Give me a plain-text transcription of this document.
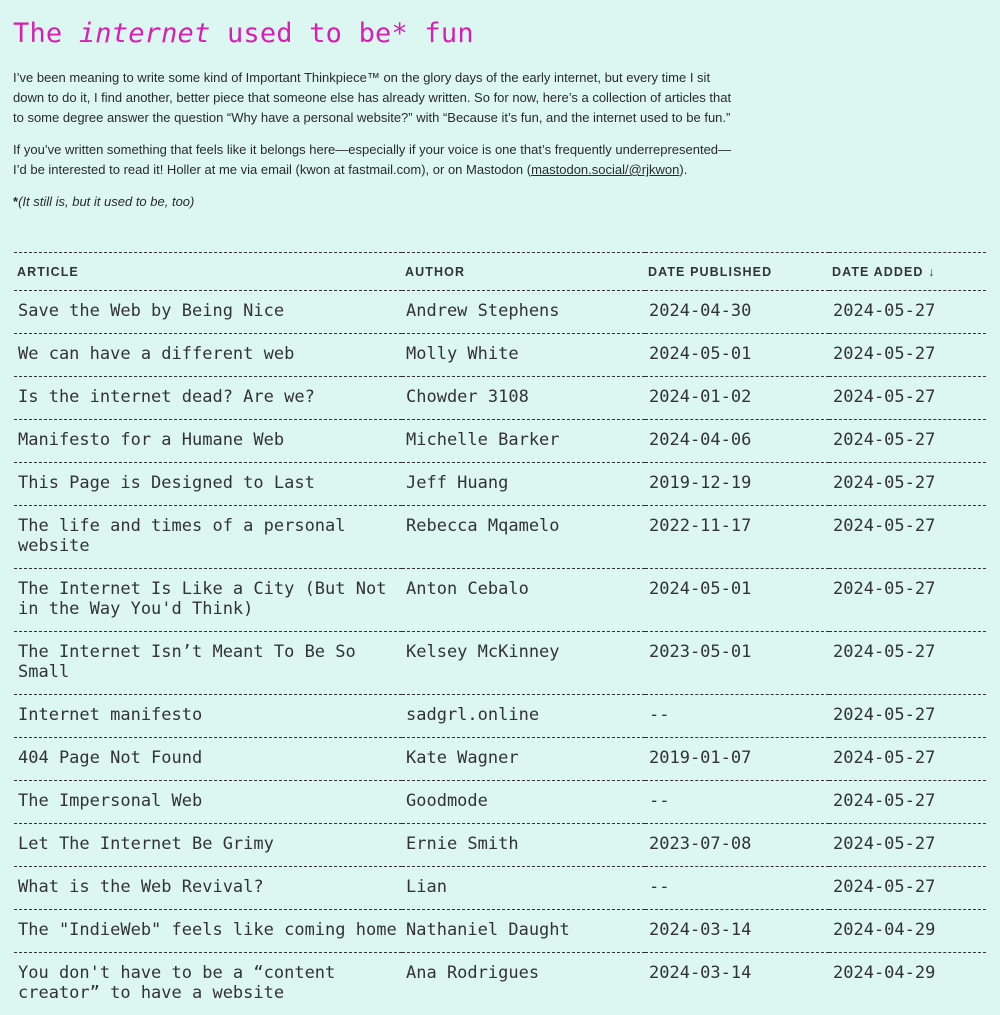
The internet used to be* fun

I’ve been meaning to write some kind of Important Thinkpiece™ on the glory days of the early internet, but every time I sit down to do it, I find another, better piece that someone else has already written. So for now, here’s a collection of articles that to some degree answer the question “Why have a personal website?” with “Because it’s fun, and the internet used to be fun.”

If you’ve written something that feels like it belongs here—especially if your voice is one that’s frequently underrepresented—I’d be interested to read it! Holler at me via email (kwon at fastmail.com), or on Mastodon (mastodon.social/@rjkwon).

*(It still is, but it used to be, too)

ARTICLE	AUTHOR	DATE PUBLISHED	DATE ADDED ↓
Save the Web by Being Nice	Andrew Stephens	2024-04-30	2024-05-27
We can have a different web	Molly White	2024-05-01	2024-05-27
Is the internet dead? Are we?	Chowder 3108	2024-01-02	2024-05-27
Manifesto for a Humane Web	Michelle Barker	2024-04-06	2024-05-27
This Page is Designed to Last	Jeff Huang	2019-12-19	2024-05-27
The life and times of a personal website	Rebecca Mqamelo	2022-11-17	2024-05-27
The Internet Is Like a City (But Not in the Way You'd Think)	Anton Cebalo	2024-05-01	2024-05-27
The Internet Isn’t Meant To Be So Small	Kelsey McKinney	2023-05-01	2024-05-27
Internet manifesto	sadgrl.online	--	2024-05-27
404 Page Not Found	Kate Wagner	2019-01-07	2024-05-27
The Impersonal Web	Goodmode	--	2024-05-27
Let The Internet Be Grimy	Ernie Smith	2023-07-08	2024-05-27
What is the Web Revival?	Lian	--	2024-05-27
The "IndieWeb" feels like coming home	Nathaniel Daught	2024-03-14	2024-04-29
You don't have to be a “content creator” to have a website	Ana Rodrigues	2024-03-14	2024-04-29
